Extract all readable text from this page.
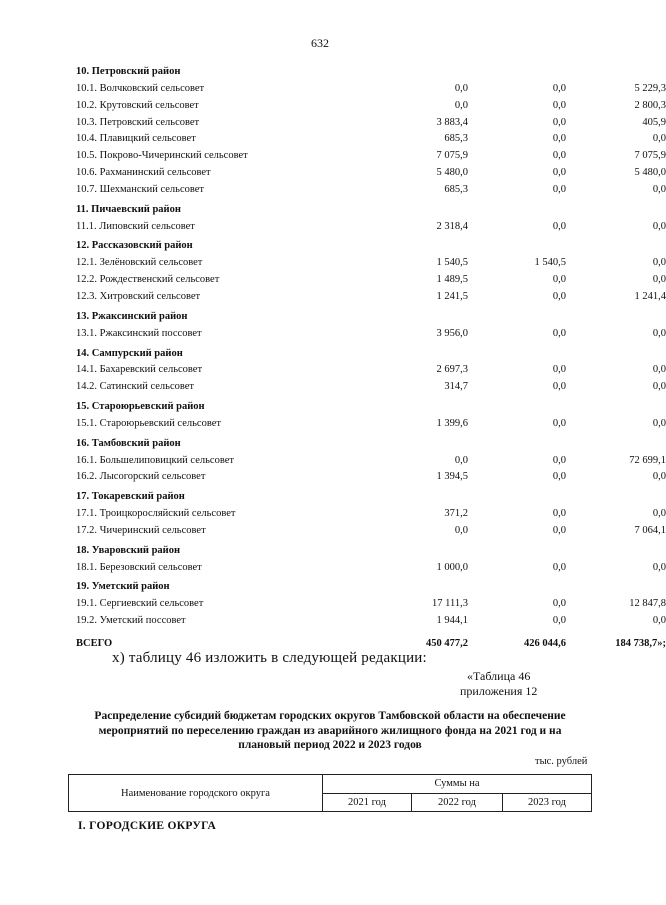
632
10. Петровский район
10.1. Волчковский сельсовет	0,0	0,0	5 229,3
10.2. Крутовский сельсовет	0,0	0,0	2 800,3
10.3. Петровский сельсовет	3 883,4	0,0	405,9
10.4. Плавицкий сельсовет	685,3	0,0	0,0
10.5. Покрово-Чичеринский сельсовет	7 075,9	0,0	7 075,9
10.6. Рахманинский сельсовет	5 480,0	0,0	5 480,0
10.7. Шехманский сельсовет	685,3	0,0	0,0
11. Пичаевский район
11.1. Липовский сельсовет	2 318,4	0,0	0,0
12. Рассказовский район
12.1. Зелёновский сельсовет	1 540,5	1 540,5	0,0
12.2. Рождественский сельсовет	1 489,5	0,0	0,0
12.3. Хитровский сельсовет	1 241,5	0,0	1 241,4
13. Ржаксинский район
13.1. Ржаксинский поссовет	3 956,0	0,0	0,0
14. Сампурский район
14.1. Бахаревский сельсовет	2 697,3	0,0	0,0
14.2. Сатинский сельсовет	314,7	0,0	0,0
15. Староюрьевский район
15.1. Староюрьевский сельсовет	1 399,6	0,0	0,0
16. Тамбовский район
16.1. Большелиповицкий сельсовет	0,0	0,0	72 699,1
16.2. Лысогорский сельсовет	1 394,5	0,0	0,0
17. Токаревский район
17.1. Троицкоросляйский сельсовет	371,2	0,0	0,0
17.2. Чичеринский сельсовет	0,0	0,0	7 064,1
18. Уваровский район
18.1. Березовский сельсовет	1 000,0	0,0	0,0
19. Уметский район
19.1. Сергиевский сельсовет	17 111,3	0,0	12 847,8
19.2. Уметский поссовет	1 944,1	0,0	0,0
ВСЕГО	450 477,2	426 044,6	184 738,7»;
х) таблицу 46 изложить в следующей редакции:
«Таблица 46
приложения 12
Распределение субсидий бюджетам городских округов Тамбовской области на обеспечение мероприятий по переселению граждан из аварийного жилищного фонда на 2021 год и на плановый период 2022 и 2023 годов
тыс. рублей
Наименование городского округа
Суммы на
2021 год	2022 год	2023 год
I. ГОРОДСКИЕ ОКРУГА
